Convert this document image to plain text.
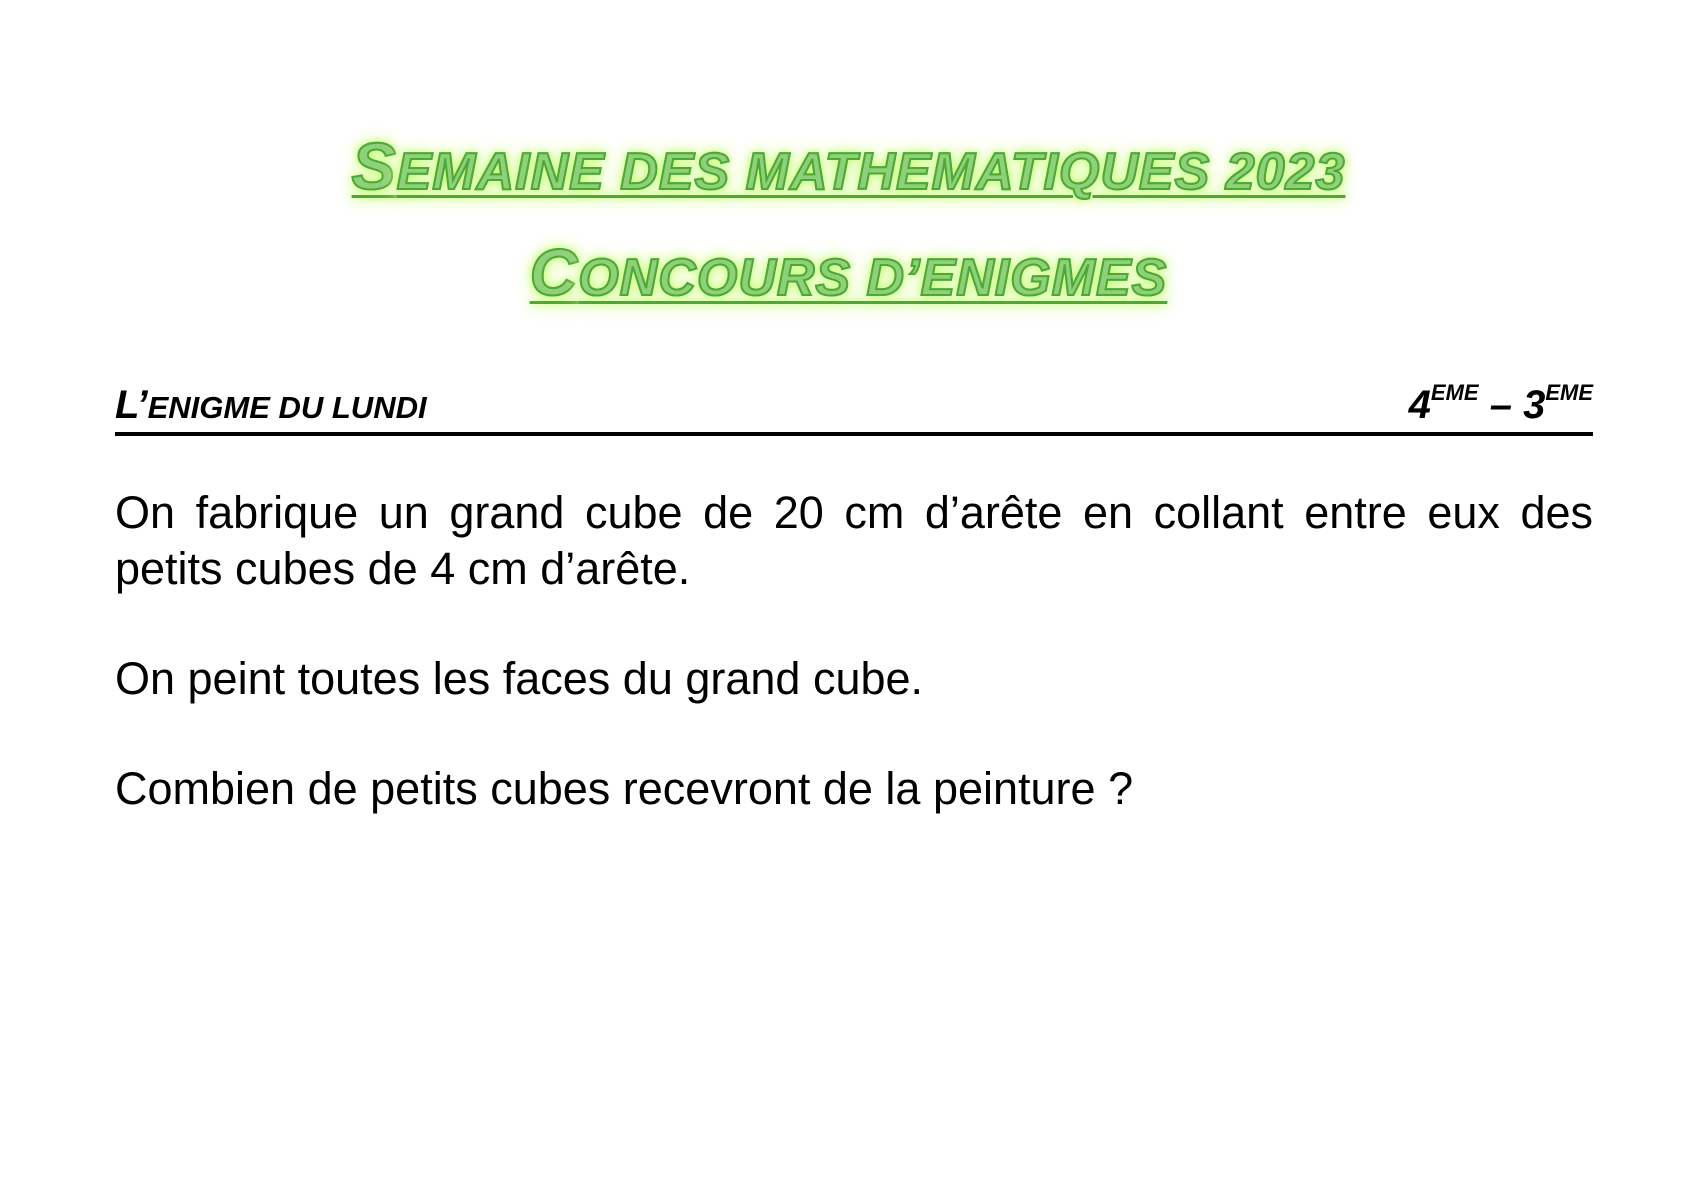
SEMAINE DES MATHEMATIQUES 2023
CONCOURS D’ENIGMES
L’ENIGME DU LUNDI	4EME – 3EME

On fabrique un grand cube de 20 cm d’arête en collant entre eux des petits cubes de 4 cm d’arête.

On peint toutes les faces du grand cube.

Combien de petits cubes recevront de la peinture ?
